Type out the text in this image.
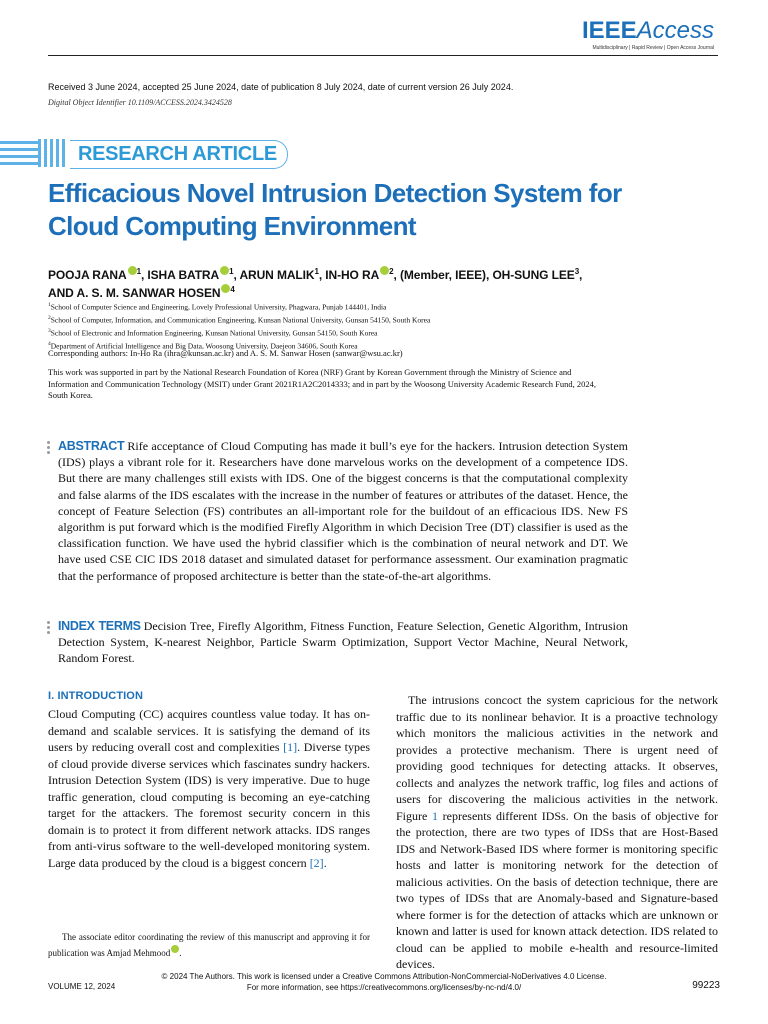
IEEEAccess
Multidisciplinary | Rapid Review | Open Access Journal
Received 3 June 2024, accepted 25 June 2024, date of publication 8 July 2024, date of current version 26 July 2024.
Digital Object Identifier 10.1109/ACCESS.2024.3424528
RESEARCH ARTICLE
Efficacious Novel Intrusion Detection System for Cloud Computing Environment
POOJA RANA $^1$, ISHA BATRA $^1$, ARUN MALIK$^1$, IN-HO RA $^2$, (Member, IEEE), OH-SUNG LEE$^3$, AND A. S. M. SANWAR HOSEN $^4$
$^1$School of Computer Science and Engineering, Lovely Professional University, Phagwara, Punjab 144401, India
$^2$School of Computer, Information, and Communication Engineering, Kunsan National University, Gunsan 54150, South Korea
$^3$School of Electronic and Information Engineering, Kunsan National University, Gunsan 54150, South Korea
$^4$Department of Artificial Intelligence and Big Data, Woosong University, Daejeon 34606, South Korea
Corresponding authors: In-Ho Ra (ihra@kunsan.ac.kr) and A. S. M. Sanwar Hosen (sanwar@wsu.ac.kr)
This work was supported in part by the National Research Foundation of Korea (NRF) Grant by Korean Government through the Ministry of Science and Information and Communication Technology (MSIT) under Grant 2021R1A2C2014333; and in part by the Woosong University Academic Research Fund, 2024, South Korea.
ABSTRACT Rife acceptance of Cloud Computing has made it bull’s eye for the hackers. Intrusion detection System (IDS) plays a vibrant role for it. Researchers have done marvelous works on the development of a competence IDS. But there are many challenges still exists with IDS. One of the biggest concerns is that the computational complexity and false alarms of the IDS escalates with the increase in the number of features or attributes of the dataset. Hence, the concept of Feature Selection (FS) contributes an all-important role for the buildout of an efficacious IDS. New FS algorithm is put forward which is the modified Firefly Algorithm in which Decision Tree (DT) classifier is used as the classification function. We have used the hybrid classifier which is the combination of neural network and DT. We have used CSE CIC IDS 2018 dataset and simulated dataset for performance assessment. Our examination pragmatic that the performance of proposed architecture is better than the state-of-the-art algorithms.
INDEX TERMS Decision Tree, Firefly Algorithm, Fitness Function, Feature Selection, Genetic Algorithm, Intrusion Detection System, K-nearest Neighbor, Particle Swarm Optimization, Support Vector Machine, Neural Network, Random Forest.
I. INTRODUCTION
Cloud Computing (CC) acquires countless value today. It has on-demand and scalable services. It is satisfying the demand of its users by reducing overall cost and complexities [1]. Diverse types of cloud provide diverse services which fascinates sundry hackers. Intrusion Detection System (IDS) is very imperative. Due to huge traffic generation, cloud computing is becoming an eye-catching target for the attackers. The foremost security concern in this domain is to protect it from different network attacks. IDS ranges from anti-virus software to the well-developed monitoring system. Large data produced by the cloud is a biggest concern [2].
The intrusions concoct the system capricious for the network traffic due to its nonlinear behavior. It is a proactive technology which monitors the malicious activities in the network and provides a protective mechanism. There is urgent need of providing good techniques for detecting attacks. It observes, collects and analyzes the network traffic, log files and actions of users for discovering the malicious activities in the network. Figure 1 represents different IDSs. On the basis of objective for the protection, there are two types of IDSs that are Host-Based IDS and Network-Based IDS where former is monitoring specific hosts and latter is monitoring network for the detection of malicious activities. On the basis of detection technique, there are two types of IDSs that are Anomaly-based and Signature-based where former is for the detection of attacks which are unknown or known and latter is used for known attack detection. IDS related to cloud can be applied to mobile e-health and resource-limited devices.
The associate editor coordinating the review of this manuscript and approving it for publication was Amjad Mehmood .
© 2024 The Authors. This work is licensed under a Creative Commons Attribution-NonCommercial-NoDerivatives 4.0 License.
For more information, see https://creativecommons.org/licenses/by-nc-nd/4.0/
VOLUME 12, 2024	99223
